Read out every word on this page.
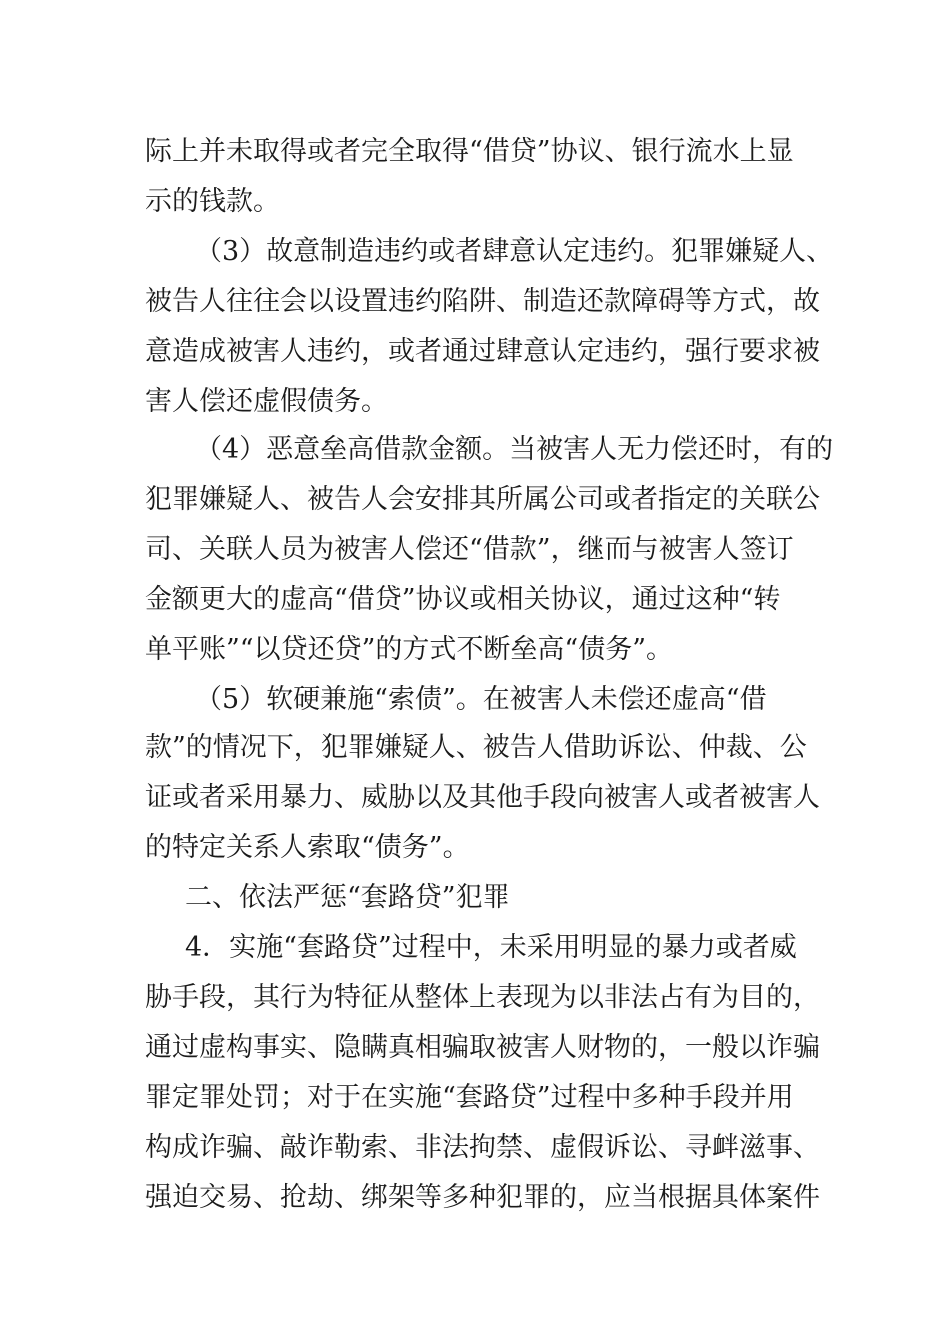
际上并未取得或者完全取得“借贷”协议、银行流水上显
示的钱款。
（3）故意制造违约或者肆意认定违约。犯罪嫌疑人、
被告人往往会以设置违约陷阱、制造还款障碍等方式，故
意造成被害人违约，或者通过肆意认定违约，强行要求被
害人偿还虚假债务。
（4）恶意垒高借款金额。当被害人无力偿还时，有的
犯罪嫌疑人、被告人会安排其所属公司或者指定的关联公
司、关联人员为被害人偿还“借款”，继而与被害人签订
金额更大的虚高“借贷”协议或相关协议，通过这种“转
单平账”“以贷还贷”的方式不断垒高“债务”。
（5）软硬兼施“索债”。在被害人未偿还虚高“借
款”的情况下，犯罪嫌疑人、被告人借助诉讼、仲裁、公
证或者采用暴力、威胁以及其他手段向被害人或者被害人
的特定关系人索取“债务”。
二、依法严惩“套路贷”犯罪
4．实施“套路贷”过程中，未采用明显的暴力或者威
胁手段，其行为特征从整体上表现为以非法占有为目的，
通过虚构事实、隐瞒真相骗取被害人财物的，一般以诈骗
罪定罪处罚；对于在实施“套路贷”过程中多种手段并用
构成诈骗、敲诈勒索、非法拘禁、虚假诉讼、寻衅滋事、
强迫交易、抢劫、绑架等多种犯罪的，应当根据具体案件
